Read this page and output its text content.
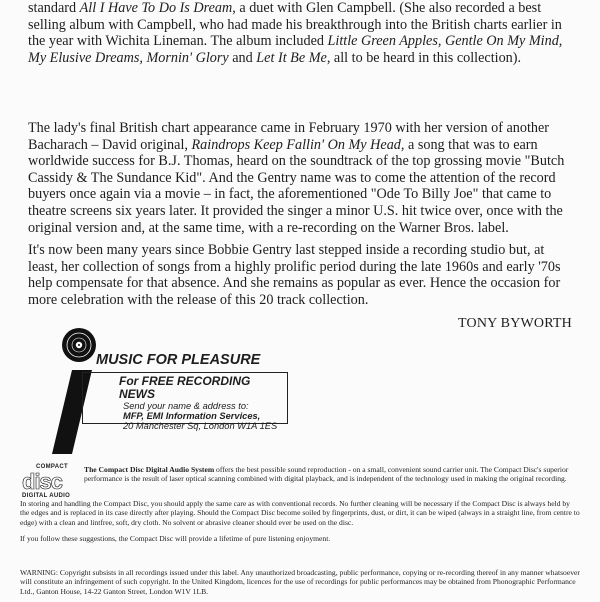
standard All I Have To Do Is Dream, a duet with Glen Campbell. (She also recorded a best selling album with Campbell, who had made his breakthrough into the British charts earlier in the year with Wichita Lineman. The album included Little Green Apples, Gentle On My Mind, My Elusive Dreams, Mornin' Glory and Let It Be Me, all to be heard in this collection).

The lady's final British chart appearance came in February 1970 with her version of another Bacharach – David original, Raindrops Keep Fallin' On My Head, a song that was to earn worldwide success for B.J. Thomas, heard on the soundtrack of the top grossing movie "Butch Cassidy & The Sundance Kid". And the Gentry name was to come the attention of the record buyers once again via a movie – in fact, the aforementioned "Ode To Billy Joe" that came to theatre screens six years later. It provided the singer a minor U.S. hit twice over, once with the original version and, at the same time, with a re-recording on the Warner Bros. label.

It's now been many years since Bobbie Gentry last stepped inside a recording studio but, at least, her collection of songs from a highly prolific period during the late 1960s and early '70s help compensate for that absence. And she remains as popular as ever. Hence the occasion for more celebration with the release of this 20 track collection.

TONY BYWORTH
MUSIC FOR PLEASURE
For FREE RECORDING NEWS
Send your name & address to:
MFP, EMI Information Services,
20 Manchester Sq, London W1A 1ES
COMPACT
disc
DIGITAL AUDIO

The Compact Disc Digital Audio System offers the best possible sound reproduction - on a small, convenient sound carrier unit. The Compact Disc's superior performance is the result of laser optical scanning combined with digital playback, and is independent of the technology used in making the original recording.

In storing and handling the Compact Disc, you should apply the same care as with conventional records. No further cleaning will be necessary if the Compact Disc is always held by the edges and is replaced in its case directly after playing. Should the Compact Disc become soiled by fingerprints, dust, or dirt, it can be wiped (always in a straight line, from centre to edge) with a clean and lintfree, soft, dry cloth. No solvent or abrasive cleaner should ever be used on the disc.

If you follow these suggestions, the Compact Disc will provide a lifetime of pure listening enjoyment.

WARNING: Copyright subsists in all recordings issued under this label. Any unauthorized broadcasting, public performance, copying or re-recording thereof in any manner whatsoever will constitute an infringement of such copyright. In the United Kingdom, licences for the use of recordings for public performances may be obtained from Phonographic Performance Ltd., Ganton House, 14-22 Ganton Street, London W1V 1LB.
